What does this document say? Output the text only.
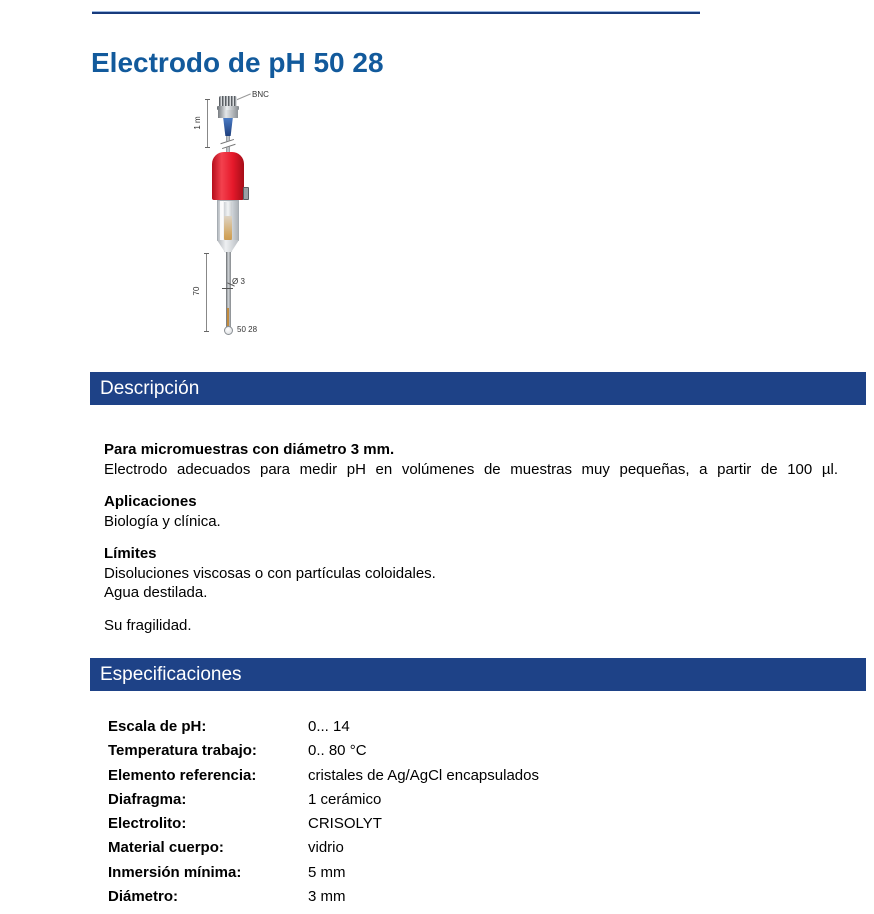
Electrodo de pH 50 28
1 m
BNC
70
Ø 3
50 28
Descripción

Para micromuestras con diámetro 3 mm.
Electrodo adecuados para medir pH en volúmenes de muestras muy pequeñas, a partir de 100 µl.

Aplicaciones
Biología y clínica.

Límites
Disoluciones viscosas o con partículas coloidales.
Agua destilada.

Su fragilidad.

Especificaciones
Escala de pH:	0... 14
Temperatura trabajo:	0.. 80 °C
Elemento referencia:	cristales de Ag/AgCl encapsulados
Diafragma:	1 cerámico
Electrolito:	CRISOLYT
Material cuerpo:	vidrio
Inmersión mínima:	5 mm
Diámetro:	3 mm
